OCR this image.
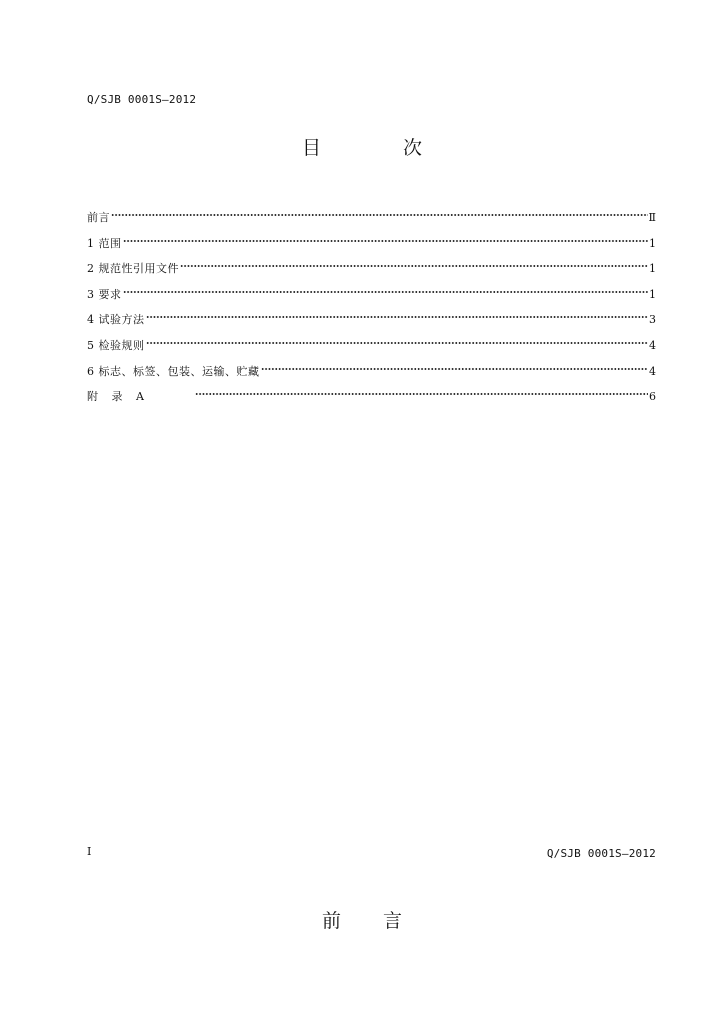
Q/SJB 0001S—2012
目 次
前言	Ⅱ
1 范围	1
2 规范性引用文件	1
3 要求	1
4 试验方法	3
5 检验规则	4
6 标志、标签、包装、运输、贮藏	4
附 录 A	6
I	Q/SJB 0001S—2012
前 言
